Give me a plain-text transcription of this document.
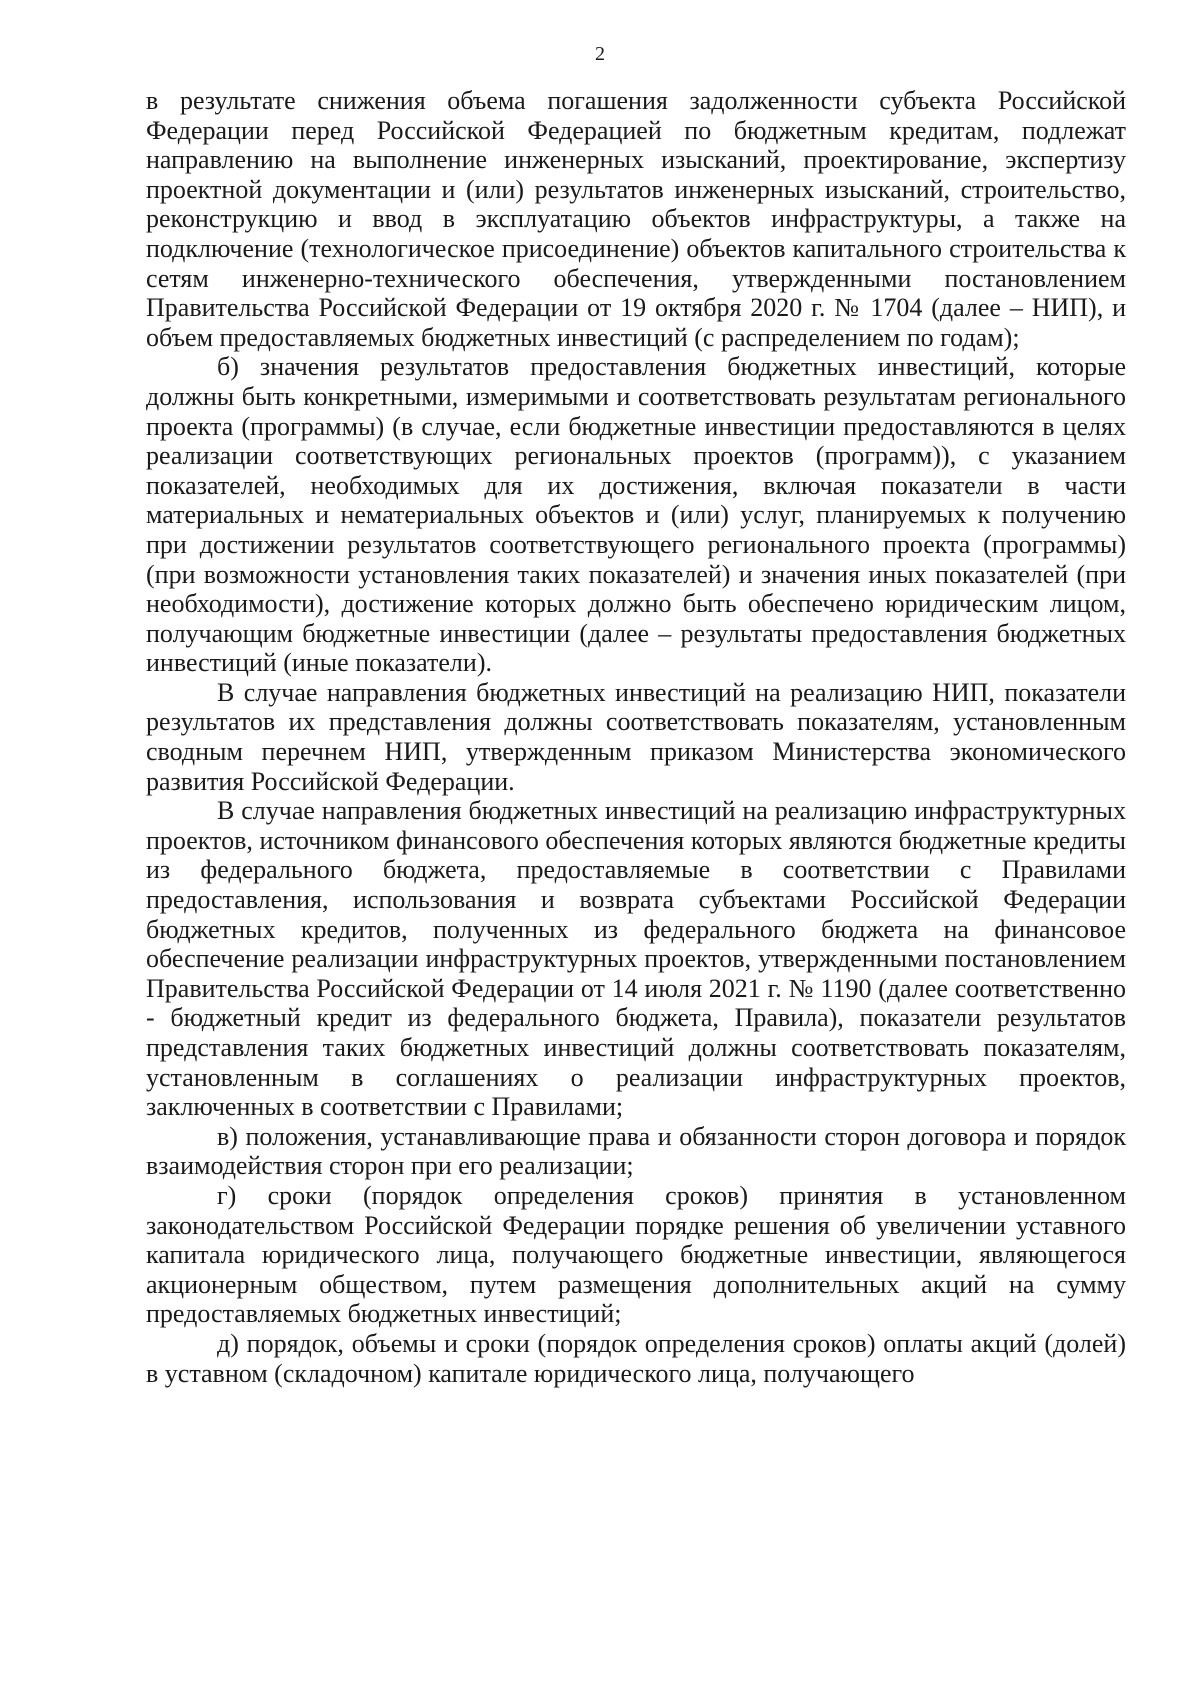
2

в результате снижения объема погашения задолженности субъекта Российской Федерации перед Российской Федерацией по бюджетным кредитам, подлежат направлению на выполнение инженерных изысканий, проектирование, экспертизу проектной документации и (или) результатов инженерных изысканий, строительство, реконструкцию и ввод в эксплуатацию объектов инфраструктуры, а также на подключение (технологическое присоединение) объектов капитального строительства к сетям инженерно-технического обеспечения, утвержденными постановлением Правительства Российской Федерации от 19 октября 2020 г. № 1704 (далее – НИП), и объем предоставляемых бюджетных инвестиций (с распределением по годам);

б) значения результатов предоставления бюджетных инвестиций, которые должны быть конкретными, измеримыми и соответствовать результатам регионального проекта (программы) (в случае, если бюджетные инвестиции предоставляются в целях реализации соответствующих региональных проектов (программ)), с указанием показателей, необходимых для их достижения, включая показатели в части материальных и нематериальных объектов и (или) услуг, планируемых к получению при достижении результатов соответствующего регионального проекта (программы) (при возможности установления таких показателей) и значения иных показателей (при необходимости), достижение которых должно быть обеспечено юридическим лицом, получающим бюджетные инвестиции (далее – результаты предоставления бюджетных инвестиций (иные показатели).

В случае направления бюджетных инвестиций на реализацию НИП, показатели результатов их представления должны соответствовать показателям, установленным сводным перечнем НИП, утвержденным приказом Министерства экономического развития Российской Федерации.

В случае направления бюджетных инвестиций на реализацию инфраструктурных проектов, источником финансового обеспечения которых являются бюджетные кредиты из федерального бюджета, предоставляемые в соответствии с Правилами предоставления, использования и возврата субъектами Российской Федерации бюджетных кредитов, полученных из федерального бюджета на финансовое обеспечение реализации инфраструктурных проектов, утвержденными постановлением Правительства Российской Федерации от 14 июля 2021 г. № 1190 (далее соответственно - бюджетный кредит из федерального бюджета, Правила), показатели результатов представления таких бюджетных инвестиций должны соответствовать показателям, установленным в соглашениях о реализации инфраструктурных проектов, заключенных в соответствии с Правилами;

в) положения, устанавливающие права и обязанности сторон договора и порядок взаимодействия сторон при его реализации;

г) сроки (порядок определения сроков) принятия в установленном законодательством Российской Федерации порядке решения об увеличении уставного капитала юридического лица, получающего бюджетные инвестиции, являющегося акционерным обществом, путем размещения дополнительных акций на сумму предоставляемых бюджетных инвестиций;

д) порядок, объемы и сроки (порядок определения сроков) оплаты акций (долей) в уставном (складочном) капитале юридического лица, получающего
